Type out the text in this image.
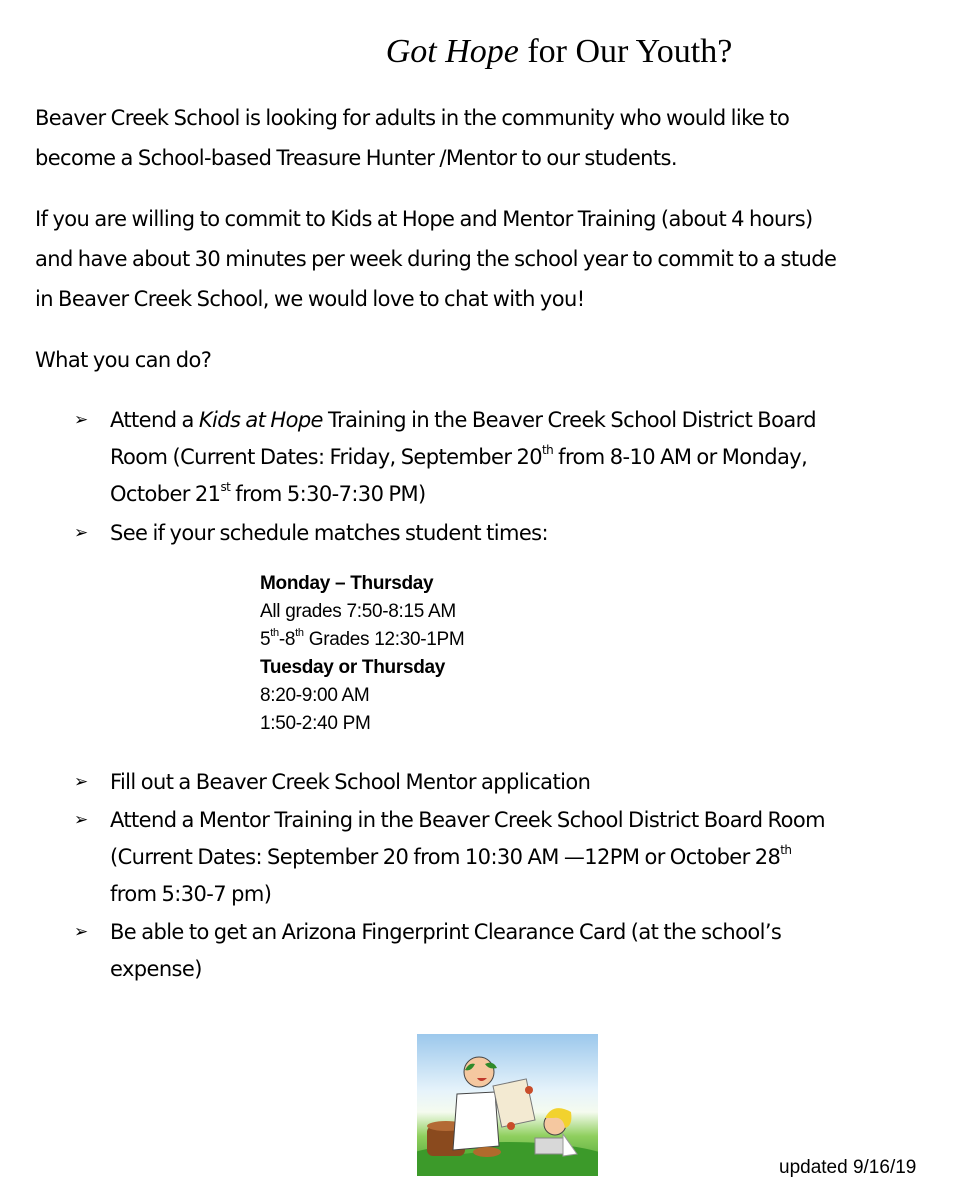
Got Hope for Our Youth?
Beaver Creek School is looking for adults in the community who would like to
become a School-based Treasure Hunter /Mentor to our students.
If you are willing to commit to Kids at Hope and Mentor Training (about 4 hours)
and have about 30 minutes per week during the school year to commit to a stude
in Beaver Creek School, we would love to chat with you!
What you can do?
➢ Attend a Kids at Hope Training in the Beaver Creek School District Board
Room (Current Dates: Friday, September 20th from 8-10 AM or Monday,
October 21st from 5:30-7:30 PM)
➢ See if your schedule matches student times:
Monday – Thursday
All grades 7:50-8:15 AM
5th-8th Grades 12:30-1PM
Tuesday or Thursday
8:20-9:00 AM
1:50-2:40 PM
➢ Fill out a Beaver Creek School Mentor application
➢ Attend a Mentor Training in the Beaver Creek School District Board Room
(Current Dates: September 20 from 10:30 AM —12PM or October 28th
from 5:30-7 pm)
➢ Be able to get an Arizona Fingerprint Clearance Card (at the school’s
expense)
updated 9/16/19
